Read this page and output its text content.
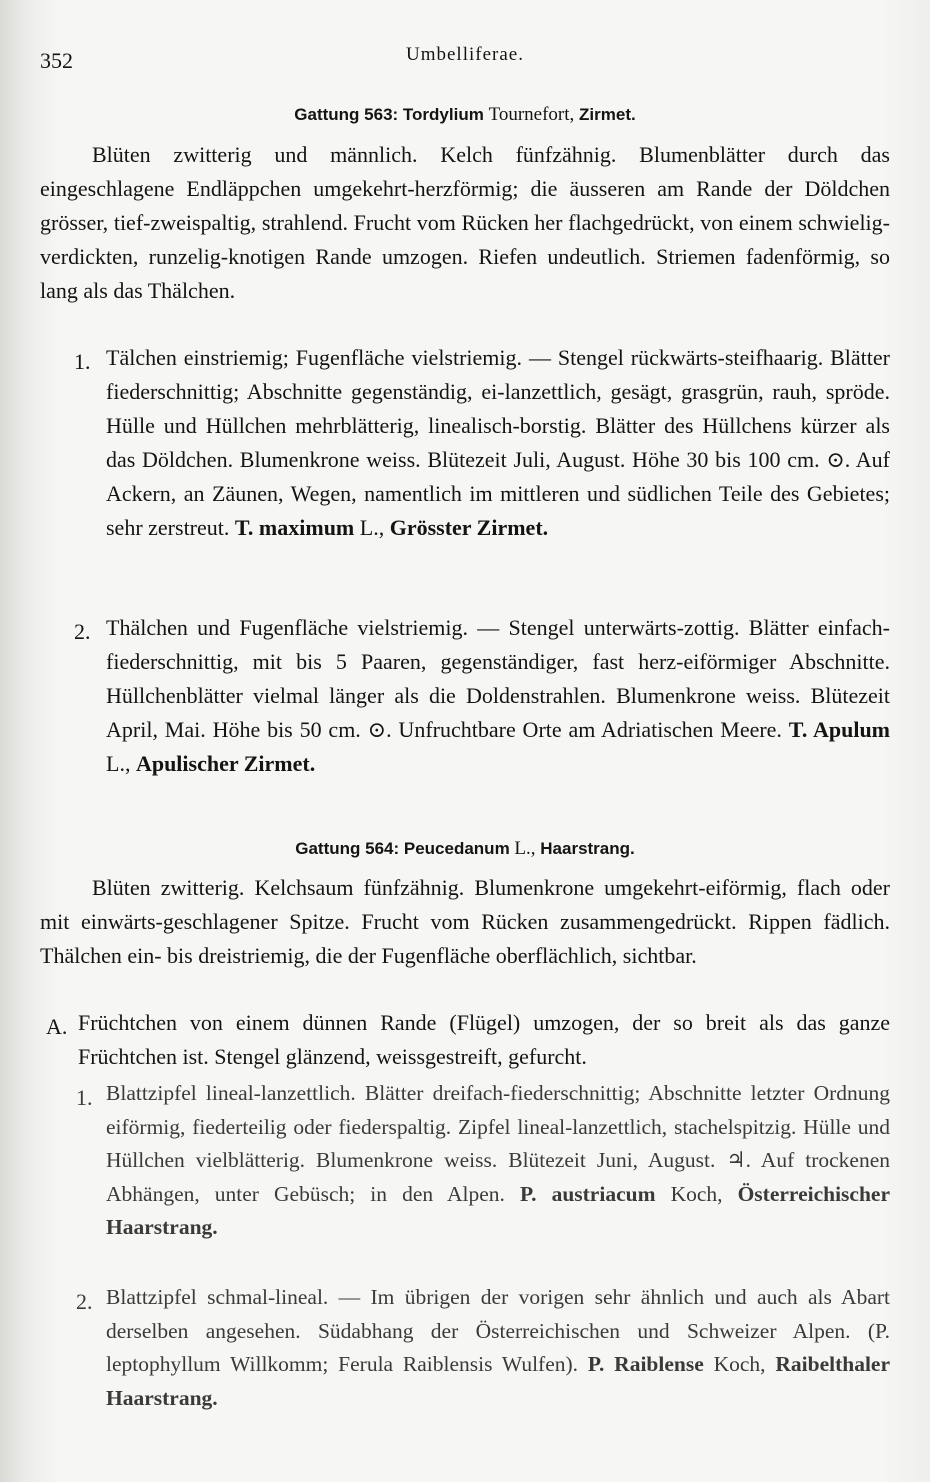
352	Umbelliferae.
Gattung 563: Tordylium Tournefort, Zirmet.
Blüten zwitterig und männlich. Kelch fünfzähnig. Blumenblätter durch das eingeschlagene Endläppchen umgekehrt-herzförmig; die äusseren am Rande der Döldchen grösser, tief-zweispaltig, strahlend. Frucht vom Rücken her flachgedrückt, von einem schwielig-verdickten, runzelig-knotigen Rande umzogen. Riefen undeutlich. Striemen fadenförmig, so lang als das Thälchen.
1. Tälchen einstriemig; Fugenfläche vielstriemig. — Stengel rückwärts-steifhaarig. Blätter fiederschnittig; Abschnitte gegenständig, ei-lanzettlich, gesägt, grasgrün, rauh, spröde. Hülle und Hüllchen mehrblätterig, linealisch-borstig. Blätter des Hüllchens kürzer als das Döldchen. Blumenkrone weiss. Blütezeit Juli, August. Höhe 30 bis 100 cm. ⊙. Auf Ackern, an Zäunen, Wegen, namentlich im mittleren und südlichen Teile des Gebietes; sehr zerstreut. T. maximum L., Grösster Zirmet.
2. Thälchen und Fugenfläche vielstriemig. — Stengel unterwärts-zottig. Blätter einfach-fiederschnittig, mit bis 5 Paaren, gegenständiger, fast herz-eiförmiger Abschnitte. Hüllchenblätter vielmal länger als die Doldenstrahlen. Blumenkrone weiss. Blütezeit April, Mai. Höhe bis 50 cm. ⊙. Unfruchtbare Orte am Adriatischen Meere. T. Apulum L., Apulischer Zirmet.
Gattung 564: Peucedanum L., Haarstrang.
Blüten zwitterig. Kelchsaum fünfzähnig. Blumenkrone umgekehrt-eiförmig, flach oder mit einwärts-geschlagener Spitze. Frucht vom Rücken zusammengedrückt. Rippen fädlich. Thälchen ein- bis dreistriemig, die der Fugenfläche oberflächlich, sichtbar.
A. Früchtchen von einem dünnen Rande (Flügel) umzogen, der so breit als das ganze Früchtchen ist. Stengel glänzend, weissgestreift, gefurcht.
1. Blattzipfel lineal-lanzettlich. Blätter dreifach-fiederschnittig; Abschnitte letzter Ordnung eiförmig, fiederteilig oder fiederspaltig. Zipfel lineal-lanzettlich, stachelspitzig. Hülle und Hüllchen vielblätterig. Blumenkrone weiss. Blütezeit Juni, August. ♃. Auf trockenen Abhängen, unter Gebüsch; in den Alpen. P. austriacum Koch, Österreichischer Haarstrang.
2. Blattzipfel schmal-lineal. — Im übrigen der vorigen sehr ähnlich und auch als Abart derselben angesehen. Südabhang der Österreichischen und Schweizer Alpen. (P. leptophyllum Willkomm; Ferula Raiblensis Wulfen). P. Raiblense Koch, Raibelthaler Haarstrang.
